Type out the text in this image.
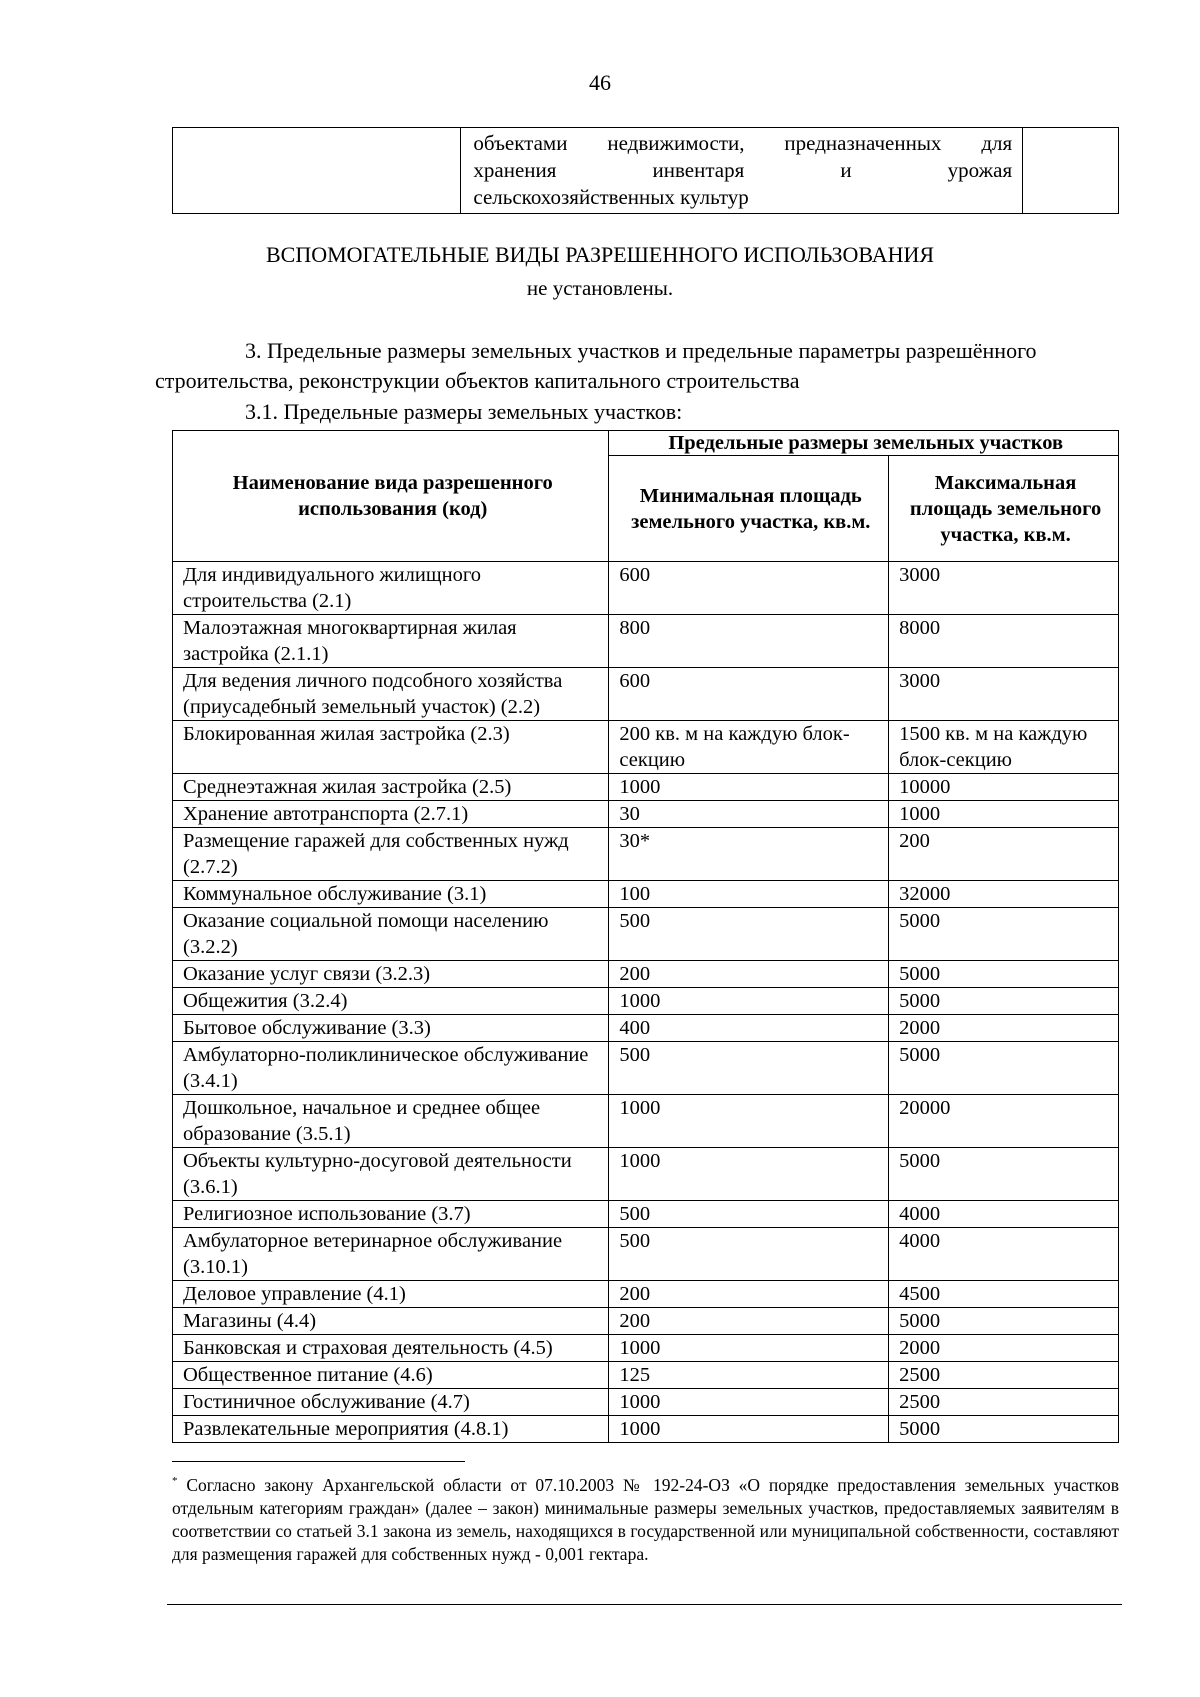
46

объектами недвижимости, предназначенных для
хранения инвентаря и урожая
сельскохозяйственных культур	
ВСПОМОГАТЕЛЬНЫЕ ВИДЫ РАЗРЕШЕННОГО ИСПОЛЬЗОВАНИЯ
не установлены.
3. Предельные размеры земельных участков и предельные параметры разрешённого строительства, реконструкции объектов капитального строительства
3.1. Предельные размеры земельных участков:
Наименование вида разрешенного использования (код)	Предельные размеры земельных участков	
	Минимальная площадь земельного участка, кв.м.	Максимальная площадь земельного участка, кв.м.
Для индивидуального жилищного строительства (2.1)	600	3000
Малоэтажная многоквартирная жилая застройка (2.1.1)	800	8000
Для ведения личного подсобного хозяйства (приусадебный земельный участок) (2.2)	600	3000
Блокированная жилая застройка (2.3)	200 кв. м на каждую блок-секцию	1500 кв. м на каждую блок-секцию
Среднеэтажная жилая застройка (2.5)	1000	10000
Хранение автотранспорта (2.7.1)	30	1000
Размещение гаражей для собственных нужд (2.7.2)	30*	200
Коммунальное обслуживание (3.1)	100	32000
Оказание социальной помощи населению (3.2.2)	500	5000
Оказание услуг связи (3.2.3)	200	5000
Общежития (3.2.4)	1000	5000
Бытовое обслуживание (3.3)	400	2000
Амбулаторно-поликлиническое обслуживание (3.4.1)	500	5000
Дошкольное, начальное и среднее общее образование (3.5.1)	1000	20000
Объекты культурно-досуговой деятельности (3.6.1)	1000	5000
Религиозное использование (3.7)	500	4000
Амбулаторное ветеринарное обслуживание (3.10.1)	500	4000
Деловое управление (4.1)	200	4500
Магазины (4.4)	200	5000
Банковская и страховая деятельность (4.5)	1000	2000
Общественное питание (4.6)	125	2500
Гостиничное обслуживание (4.7)	1000	2500
Развлекательные мероприятия (4.8.1)	1000	5000
* Согласно закону Архангельской области от 07.10.2003 № 192-24-ОЗ «О порядке предоставления земельных участков отдельным категориям граждан» (далее – закон) минимальные размеры земельных участков, предоставляемых заявителям в соответствии со статьей 3.1 закона из земель, находящихся в государственной или муниципальной собственности, составляют для размещения гаражей для собственных нужд - 0,001 гектара.
